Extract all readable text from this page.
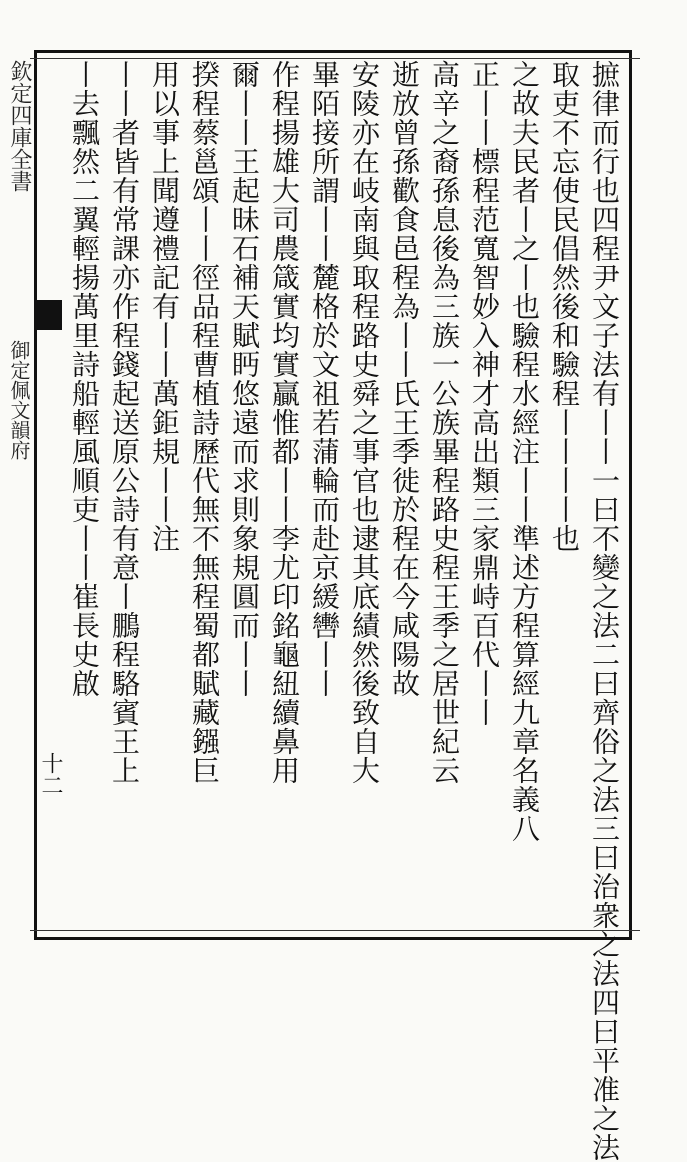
欽定四庫全書
御定佩文韻府
十二	摭律而行也四程尹文子法有丨丨一曰不變之法二曰齊俗之法三曰治衆之法四曰平准之法
取吏不忘使民倡然後和驗程丨丨丨丨也
之故夫民者丨之丨也驗程水經注丨丨準述方程算經九章名義八
正丨丨標程范寬智妙入神才高出類三家鼎峙百代丨丨
高辛之裔孫息後為三族一公族畢程路史程王季之居世紀云
逝放曾孫歡食邑程為丨丨氏王季徙於程在今咸陽故
安陵亦在岐南與取程路史舜之事官也逮其底績然後致自大
畢陌接所謂丨丨麓格於文祖若蒲輪而赴京緩轡丨丨
作程揚雄大司農箴實均實贏惟都丨丨李尤印銘龜紐續鼻用
爾丨丨王起昧石補天賦眄悠遠而求則象規圓而丨丨
揆程蔡邕頌丨丨徑品程曹植詩歷代無不無程蜀都賦藏鏹巨
用以事上聞遵禮記有丨丨萬鉅規丨丨注
丨丨者皆有常課亦作程錢起送原公詩有意丨鵬程駱賓王上
丨去飄然二翼輕揚萬里詩船輕風順吏丨丨崔長史啟
